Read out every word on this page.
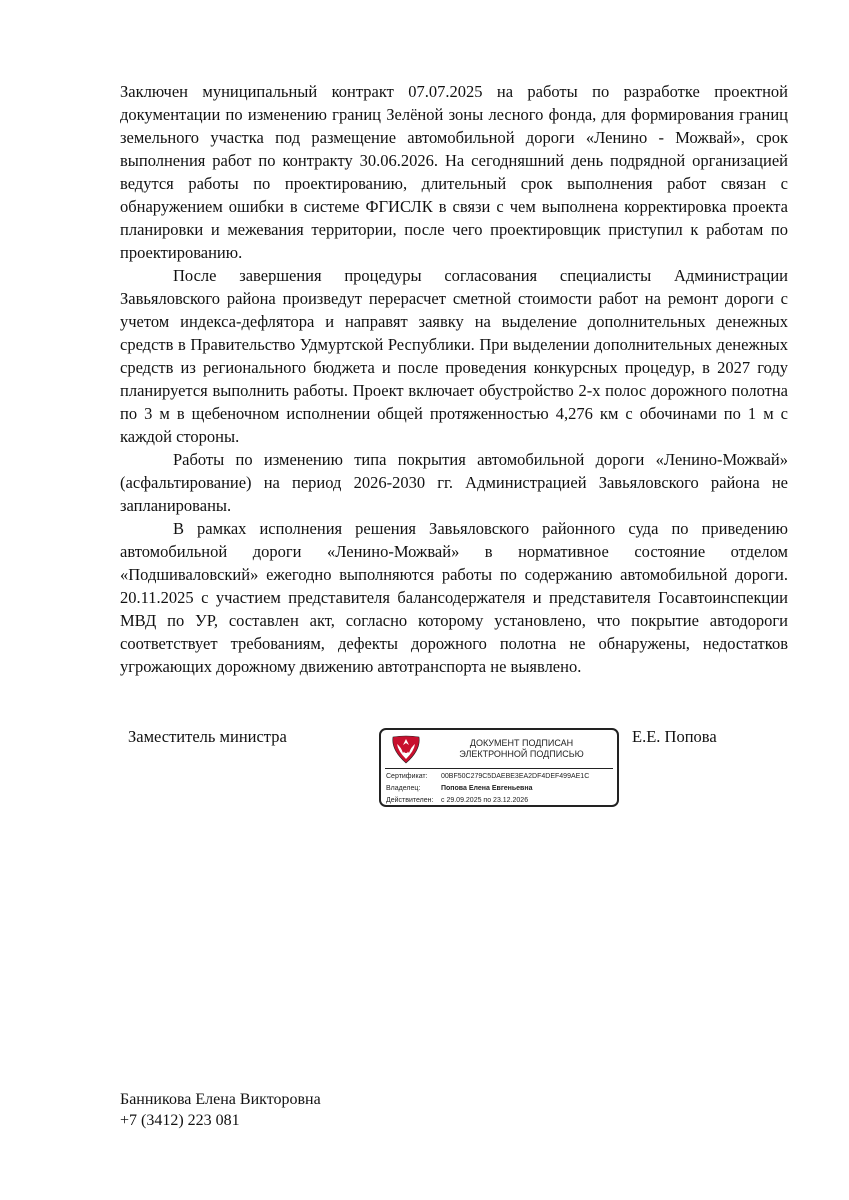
Заключен муниципальный контракт 07.07.2025 на работы по разработке проектной документации по изменению границ Зелёной зоны лесного фонда, для формирования границ земельного участка под размещение автомобильной дороги «Ленино - Можвай», срок выполнения работ по контракту 30.06.2026. На сегодняшний день подрядной организацией ведутся работы по проектированию, длительный срок выполнения работ связан с обнаружением ошибки в системе ФГИСЛК в связи с чем выполнена корректировка проекта планировки и межевания территории, после чего проектировщик приступил к работам по проектированию.

После завершения процедуры согласования специалисты Администрации Завьяловского района произведут перерасчет сметной стоимости работ на ремонт дороги с учетом индекса-дефлятора и направят заявку на выделение дополнительных денежных средств в Правительство Удмуртской Республики. При выделении дополнительных денежных средств из регионального бюджета и после проведения конкурсных процедур, в 2027 году планируется выполнить работы. Проект включает обустройство 2-х полос дорожного полотна по 3 м в щебеночном исполнении общей протяженностью 4,276 км с обочинами по 1 м с каждой стороны.

Работы по изменению типа покрытия автомобильной дороги «Ленино-Можвай» (асфальтирование) на период 2026-2030 гг. Администрацией Завьяловского района не запланированы.

В рамках исполнения решения Завьяловского районного суда по приведению автомобильной дороги «Ленино-Можвай» в нормативное состояние отделом «Подшиваловский» ежегодно выполняются работы по содержанию автомобильной дороги. 20.11.2025 с участием представителя балансодержателя и представителя Госавтоинспекции МВД по УР, составлен акт, согласно которому установлено, что покрытие автодороги соответствует требованиям, дефекты дорожного полотна не обнаружены, недостатков угрожающих дорожному движению автотранспорта не выявлено.

Заместитель министра	ДОКУМЕНТ ПОДПИСАН
ЭЛЕКТРОННОЙ ПОДПИСЬЮ
Сертификат: 00BF50C279C5DAEBE3EA2DF4DEF499AE1C
Владелец:	Попова Елена Евгеньевна
Действителен: с 29.09.2025 по 23.12.2026
Е.Е. Попова
Банникова Елена Викторовна
+7 (3412) 223 081
